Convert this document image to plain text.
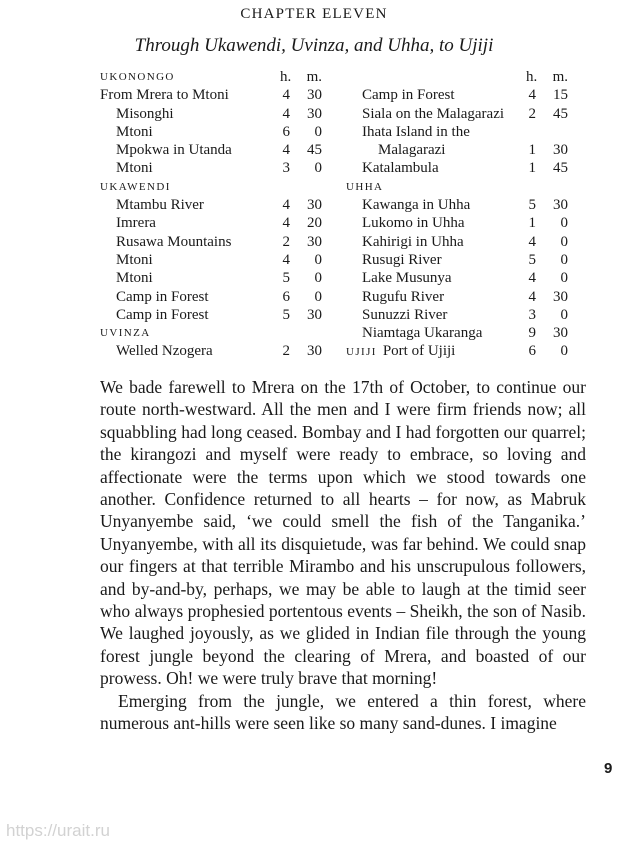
CHAPTER ELEVEN
Through Ukawendi, Uvinza, and Uhha, to Ujiji
UKONONGO	h.	m.
From Mrera to Mtoni	4	30
Misonghi	4	30
Mtoni	6	0
Mpokwa in Utanda	4	45
Mtoni	3	0
UKAWENDI
Mtambu River	4	30
Imrera	4	20
Rusawa Mountains	2	30
Mtoni	4	0
Mtoni	5	0
Camp in Forest	6	0
Camp in Forest	5	30
UVINZA
Welled Nzogera	2	30
h.	m.
Camp in Forest	4	15
Siala on the Malagarazi 2	45
Ihata Island in the
Malagarazi	1	30
Katalambula	1	45
UHHA
Kawanga in Uhha	5	30
Lukomo in Uhha	1	0
Kahirigi in Uhha	4	0
Rusugi River	5	0
Lake Musunya	4	0
Rugufu River	4	30
Sunuzzi River	3	0
Niamtaga Ukaranga	9	30
UJIJI Port of Ujiji	6	0

We bade farewell to Mrera on the 17th of October, to continue our route north-westward. All the men and I were firm friends now; all squabbling had long ceased. Bombay and I had forgotten our quarrel; the kirangozi and myself were ready to embrace, so loving and affectionate were the terms upon which we stood towards one another. Confidence returned to all hearts – for now, as Mabruk Unyanyembe said, ‘we could smell the fish of the Tanganika.’ Unyanyembe, with all its disquietude, was far behind. We could snap our fingers at that terrible Mirambo and his unscrupulous followers, and by-and-by, perhaps, we may be able to laugh at the timid seer who always prophesied portentous events – Sheikh, the son of Nasib. We laughed joyously, as we glided in Indian file through the young forest jungle beyond the clearing of Mrera, and boasted of our prowess. Oh! we were truly brave that morning!

Emerging from the jungle, we entered a thin forest, where numerous ant-hills were seen like so many sand-dunes. I imagine

9
https://urait.ru
